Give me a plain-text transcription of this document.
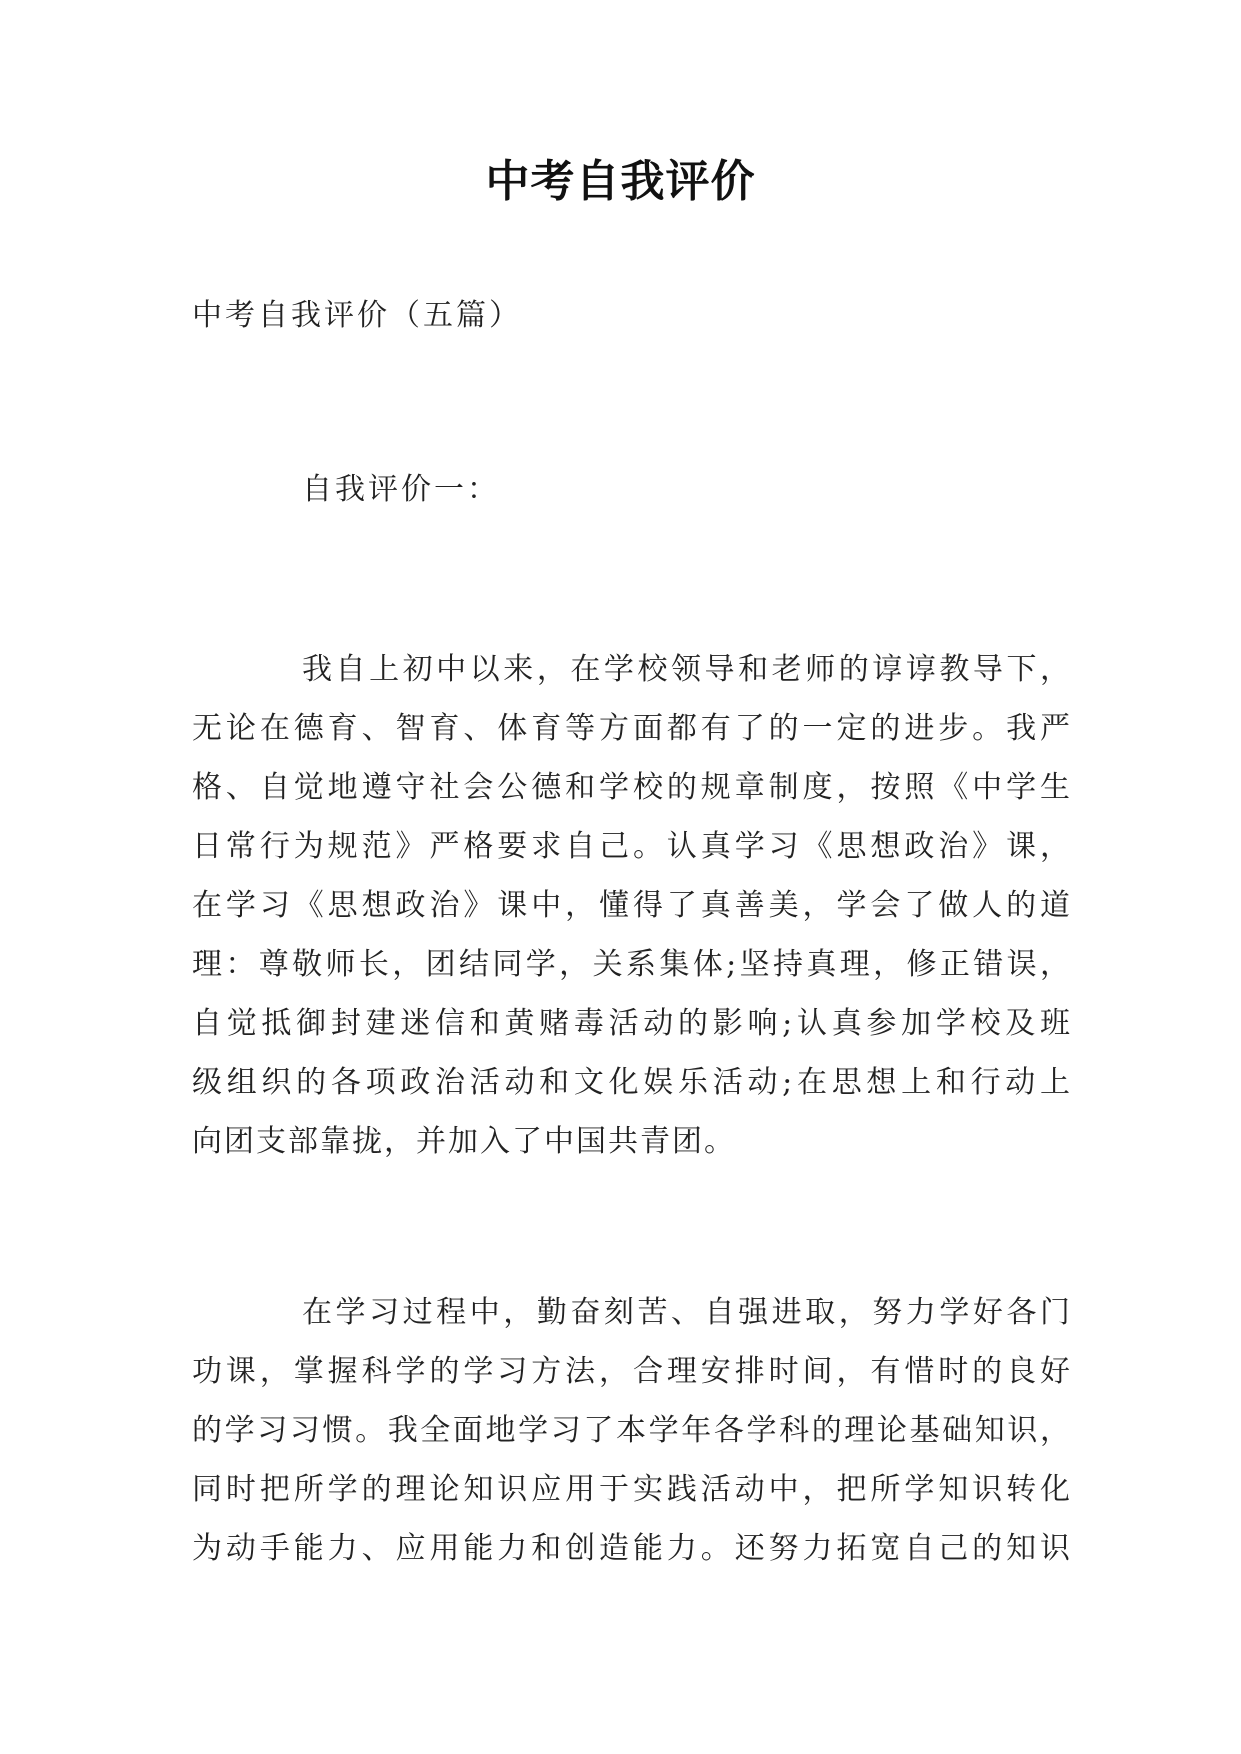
中考自我评价
中考自我评价（五篇）
自我评价一：
我自上初中以来，在学校领导和老师的谆谆教导下，
无论在德育、智育、体育等方面都有了的一定的进步。我严
格、自觉地遵守社会公德和学校的规章制度，按照《中学生
日常行为规范》严格要求自己。认真学习《思想政治》课，
在学习《思想政治》课中，懂得了真善美，学会了做人的道
理：尊敬师长，团结同学，关系集体;坚持真理，修正错误，
自觉抵御封建迷信和黄赌毒活动的影响;认真参加学校及班
级组织的各项政治活动和文化娱乐活动;在思想上和行动上
向团支部靠拢，并加入了中国共青团。
在学习过程中，勤奋刻苦、自强进取，努力学好各门
功课，掌握科学的学习方法，合理安排时间，有惜时的良好
的学习习惯。我全面地学习了本学年各学科的理论基础知识，
同时把所学的理论知识应用于实践活动中，把所学知识转化
为动手能力、应用能力和创造能力。还努力拓宽自己的知识
